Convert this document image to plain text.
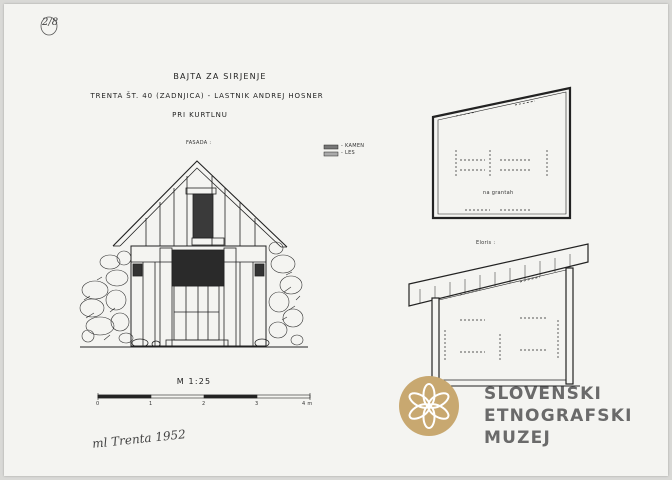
2/8
BAJTA ZA SIRJENJE
TRENTA ŠT. 40 (ZADNJICA) - LASTNIK ANDREJ HOSNER
PRI KURTLNU
FASADA :
na grantah
Eloris :
- KAMEN
- LES
M 1:25
0	1	2	3	4 m
ml Trenta 1952
SLOVENSKI
ETNOGRAFSKI
MUZEJ
